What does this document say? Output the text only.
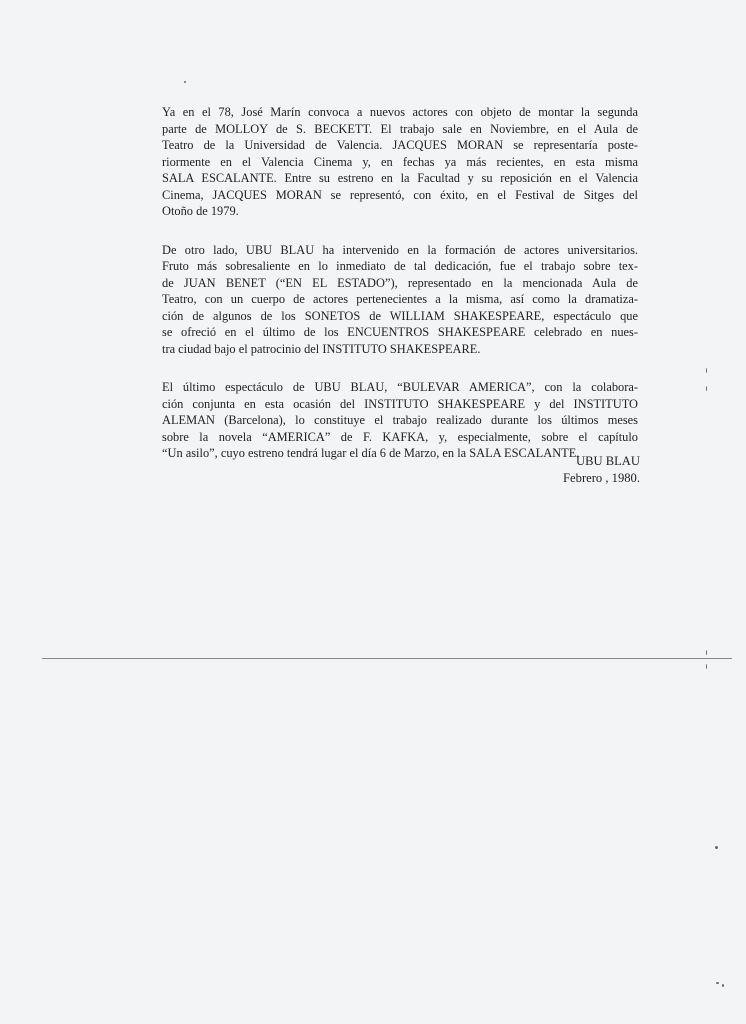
Ya en el 78, José Marín convoca a nuevos actores con objeto de montar la segunda
parte de MOLLOY de S. BECKETT. El trabajo sale en Noviembre, en el Aula de
Teatro de la Universidad de Valencia. JACQUES MORAN se representaría poste-
riormente en el Valencia Cinema y, en fechas ya más recientes, en esta misma
SALA ESCALANTE. Entre su estreno en la Facultad y su reposición en el Valencia
Cinema, JACQUES MORAN se representó, con éxito, en el Festival de Sitges del
Otoño de 1979.

De otro lado, UBU BLAU ha intervenido en la formación de actores universitarios.
Fruto más sobresaliente en lo inmediato de tal dedicación, fue el trabajo sobre tex-
de JUAN BENET (“EN EL ESTADO”), representado en la mencionada Aula de
Teatro, con un cuerpo de actores pertenecientes a la misma, así como la dramatiza-
ción de algunos de los SONETOS de WILLIAM SHAKESPEARE, espectáculo que
se ofreció en el último de los ENCUENTROS SHAKESPEARE celebrado en nues-
tra ciudad bajo el patrocinio del INSTITUTO SHAKESPEARE.

El último espectáculo de UBU BLAU, “BULEVAR AMERICA”, con la colabora-
ción conjunta en esta ocasión del INSTITUTO SHAKESPEARE y del INSTITUTO
ALEMAN (Barcelona), lo constituye el trabajo realizado durante los últimos meses
sobre la novela “AMERICA” de F. KAFKA, y, especialmente, sobre el capítulo
“Un asilo”, cuyo estreno tendrá lugar el día 6 de Marzo, en la SALA ESCALANTE.

UBU BLAU
Febrero , 1980.
